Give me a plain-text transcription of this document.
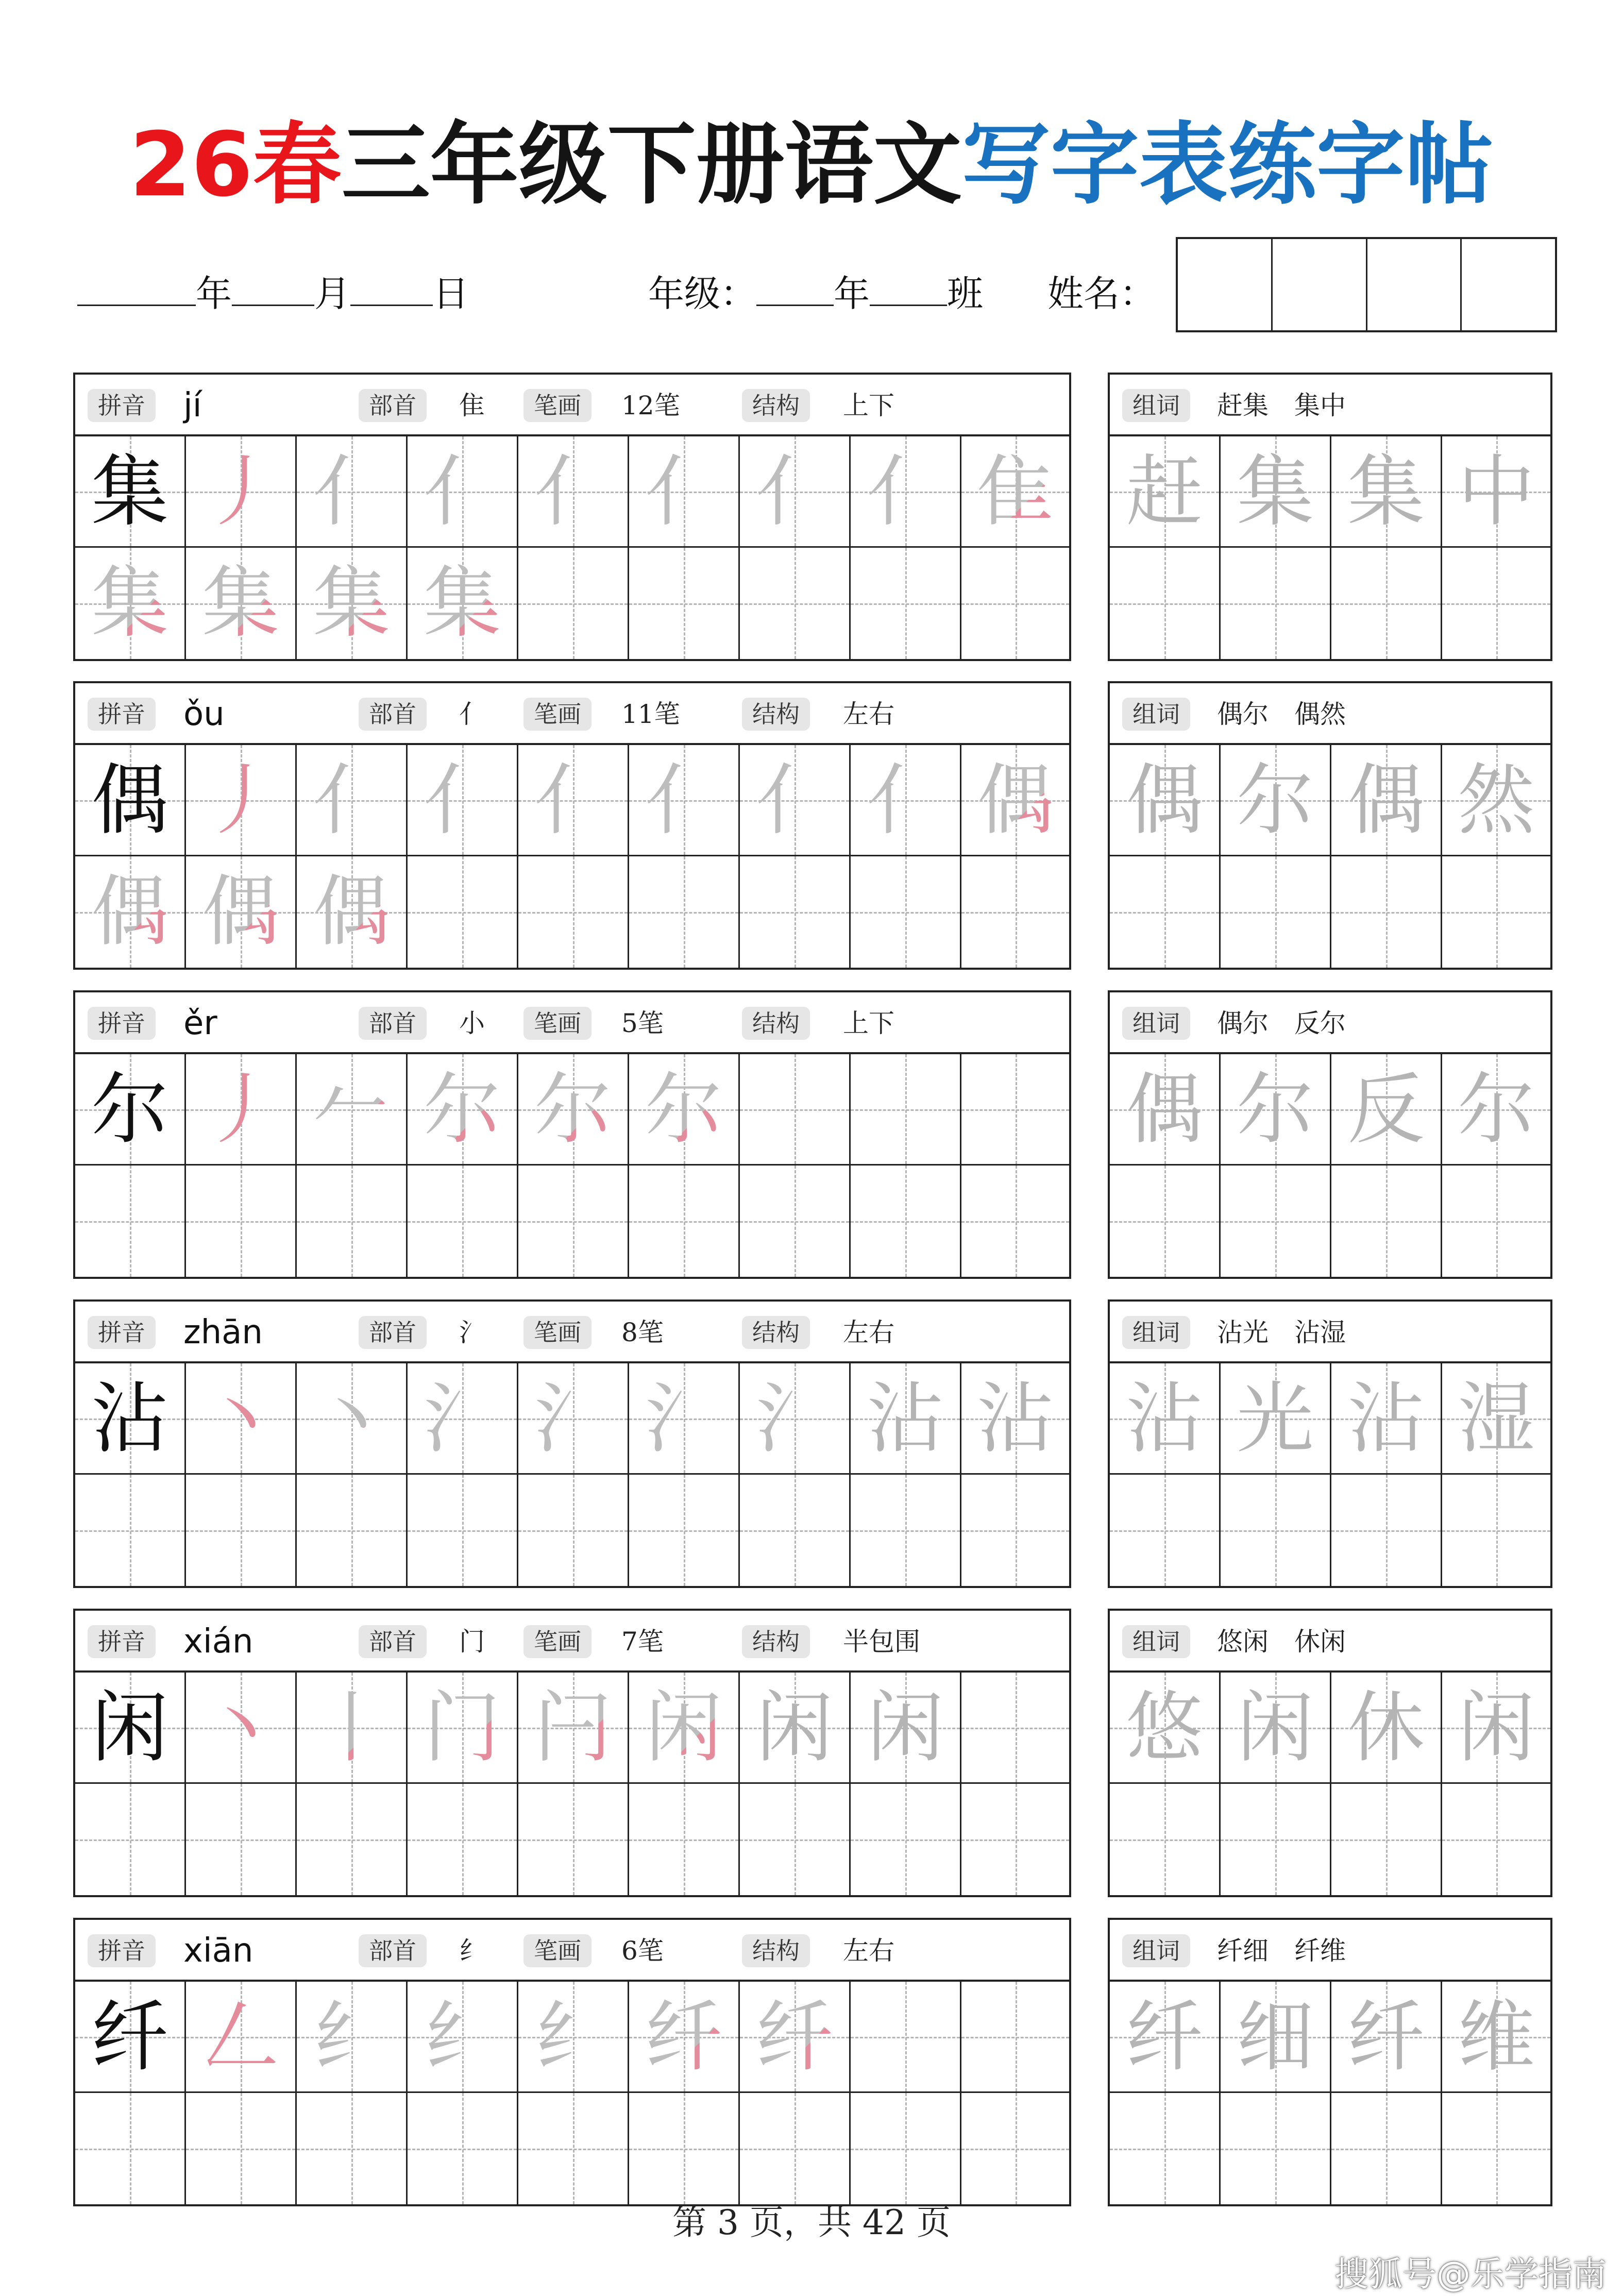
26春三年级下册语文写字表练字帖
年 月 日	年级： 年 班 姓名：
拼音	jí	部首	隹	笔画	12笔	结构	上下
集 丿 亻 亻 亻 亻 亻 亻 隹
集 集 集 集
组词	赶集　集中
赶 集 集 中
拼音	ǒu	部首	亻	笔画	11笔	结构	左右
偶 丿 亻 亻 亻 亻 亻 亻 偶
偶 偶 偶
组词	偶尔　偶然
偶 尔 偶 然
拼音	ěr	部首	小	笔画	5笔	结构	上下
尔 丿 𠂉 尔 尔 尔
组词	偶尔　反尔
偶 尔 反 尔
拼音	zhān	部首	氵	笔画	8笔	结构	左右
沾 丶 丶 氵 氵 氵 氵 沾 沾
组词	沾光　沾湿
沾 光 沾 湿
拼音	xián	部首	门	笔画	7笔	结构	半包围
闲 丶 丨 门 闩 闲 闲 闲
组词	悠闲　休闲
悠 闲 休 闲
拼音	xiān	部首	纟	笔画	6笔	结构	左右
纤 𠃋 纟 纟 纟 纤 纤
组词	纤细　纤维
纤 细 纤 维
第 3 页，共 42 页
搜狐号@乐学指南
